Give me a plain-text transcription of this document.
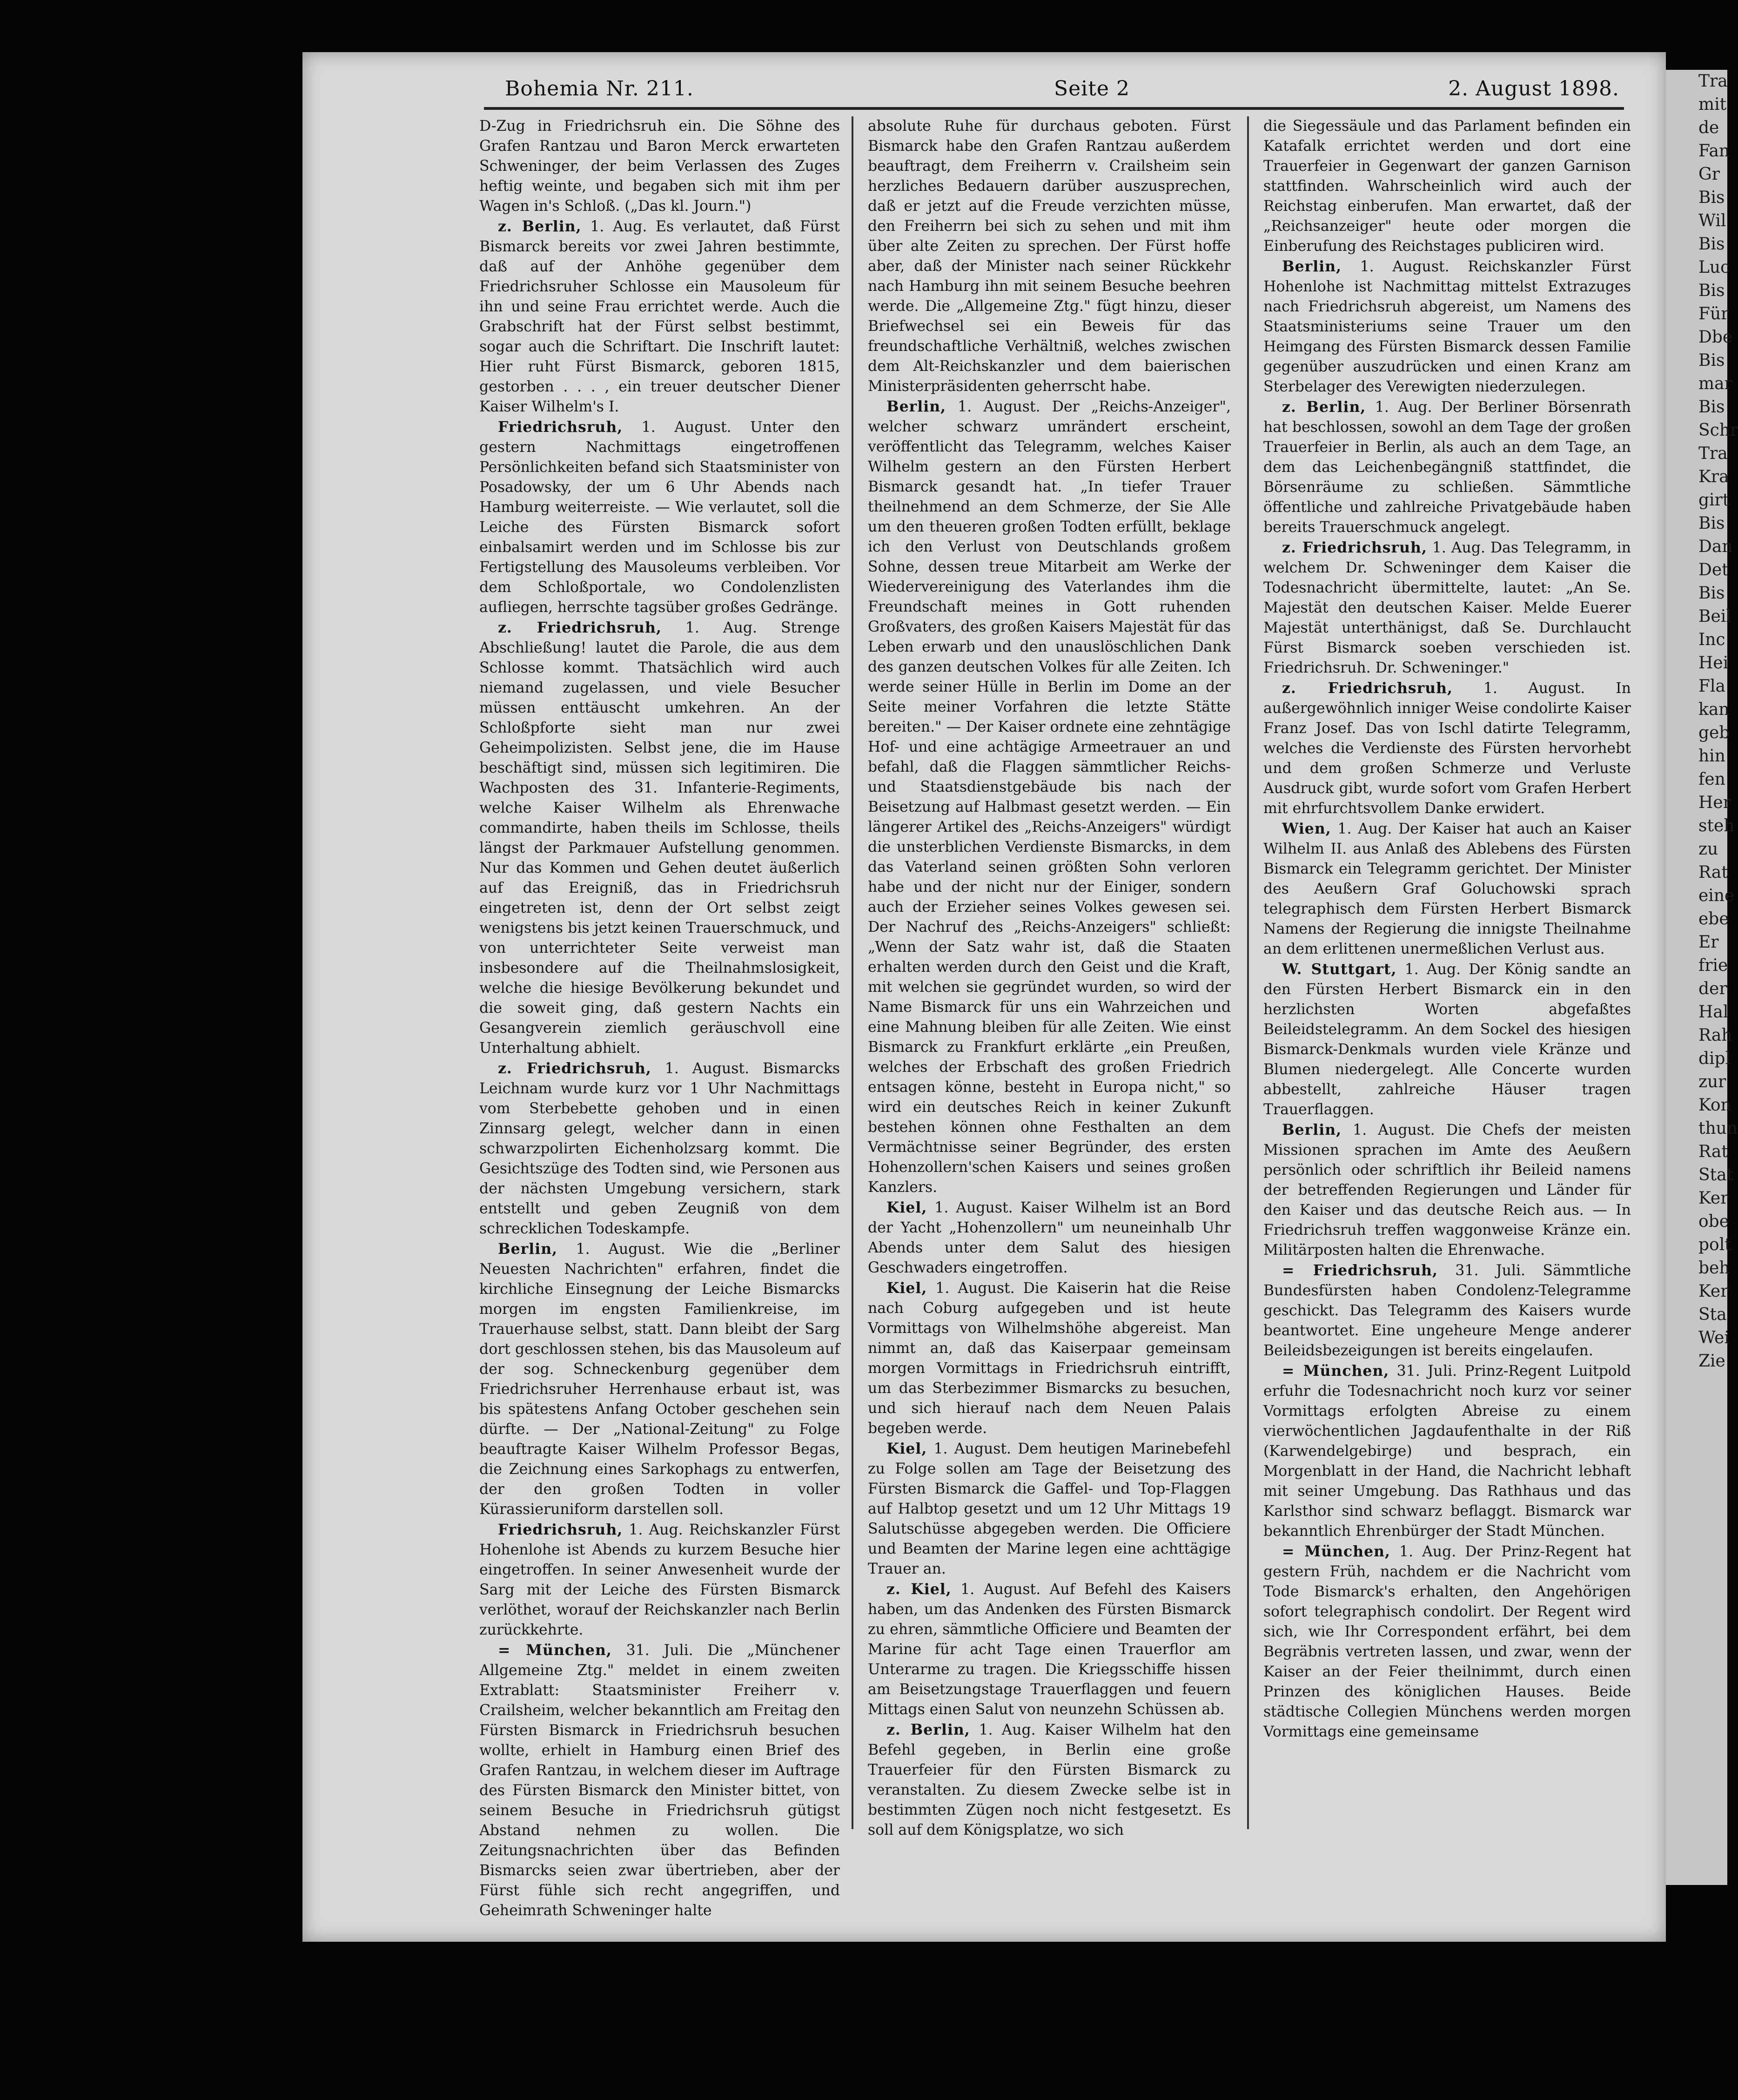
Tra
mit
de
Fan
Gr
Bis
Wil
Bis
Luc
Bis
Für
Dbe
Bis
mar
Bis
Schr
Tra
Kra
girt
Bis
Dan
Det
Bis
Beil
Inc
Hei
Fla
kan
geb
hin
fen
Her
steh
zu
Rat
eine
ebe
Er
frie
der
Hal
Rah
dipl
zur
Kon
thun
Rat
Stat
Ker
obe
polt
beh
Ker
Sta
Wei
Zie
Bohemia Nr. 211.	Seite 2	2. August 1898.

D-Zug in Friedrichsruh ein. Die Söhne des Grafen Rantzau und Baron Merck erwarteten Schweninger, der beim Verlassen des Zuges heftig weinte, und begaben sich mit ihm per Wagen in's Schloß. („Das kl. Journ.")

z. Berlin, 1. Aug. Es verlautet, daß Fürst Bismarck bereits vor zwei Jahren bestimmte, daß auf der Anhöhe gegenüber dem Friedrichsruher Schlosse ein Mausoleum für ihn und seine Frau errichtet werde. Auch die Grabschrift hat der Fürst selbst bestimmt, sogar auch die Schriftart. Die Inschrift lautet: Hier ruht Fürst Bismarck, geboren 1815, gestorben . . . , ein treuer deutscher Diener Kaiser Wilhelm's I.

Friedrichsruh, 1. August. Unter den gestern Nachmittags eingetroffenen Persönlichkeiten befand sich Staatsminister von Posadowsky, der um 6 Uhr Abends nach Hamburg weiterreiste. — Wie verlautet, soll die Leiche des Fürsten Bismarck sofort einbalsamirt werden und im Schlosse bis zur Fertigstellung des Mausoleums verbleiben. Vor dem Schloßportale, wo Condolenzlisten aufliegen, herrschte tagsüber großes Gedränge.

z. Friedrichsruh, 1. Aug. Strenge Abschließung! lautet die Parole, die aus dem Schlosse kommt. Thatsächlich wird auch niemand zugelassen, und viele Besucher müssen enttäuscht umkehren. An der Schloßpforte sieht man nur zwei Geheimpolizisten. Selbst jene, die im Hause beschäftigt sind, müssen sich legitimiren. Die Wachposten des 31. Infanterie-Regiments, welche Kaiser Wilhelm als Ehrenwache commandirte, haben theils im Schlosse, theils längst der Parkmauer Aufstellung genommen. Nur das Kommen und Gehen deutet äußerlich auf das Ereigniß, das in Friedrichsruh eingetreten ist, denn der Ort selbst zeigt wenigstens bis jetzt keinen Trauerschmuck, und von unterrichteter Seite verweist man insbesondere auf die Theilnahmslosigkeit, welche die hiesige Bevölkerung bekundet und die soweit ging, daß gestern Nachts ein Gesangverein ziemlich geräuschvoll eine Unterhaltung abhielt.

z. Friedrichsruh, 1. August. Bismarcks Leichnam wurde kurz vor 1 Uhr Nachmittags vom Sterbebette gehoben und in einen Zinnsarg gelegt, welcher dann in einen schwarzpolirten Eichenholzsarg kommt. Die Gesichtszüge des Todten sind, wie Personen aus der nächsten Umgebung versichern, stark entstellt und geben Zeugniß von dem schrecklichen Todeskampfe.

Berlin, 1. August. Wie die „Berliner Neuesten Nachrichten" erfahren, findet die kirchliche Einsegnung der Leiche Bismarcks morgen im engsten Familienkreise, im Trauerhause selbst, statt. Dann bleibt der Sarg dort geschlossen stehen, bis das Mausoleum auf der sog. Schneckenburg gegenüber dem Friedrichsruher Herrenhause erbaut ist, was bis spätestens Anfang October geschehen sein dürfte. — Der „National-Zeitung" zu Folge beauftragte Kaiser Wilhelm Professor Begas, die Zeichnung eines Sarkophags zu entwerfen, der den großen Todten in voller Kürassieruniform darstellen soll.

Friedrichsruh, 1. Aug. Reichskanzler Fürst Hohenlohe ist Abends zu kurzem Besuche hier eingetroffen. In seiner Anwesenheit wurde der Sarg mit der Leiche des Fürsten Bismarck verlöthet, worauf der Reichskanzler nach Berlin zurückkehrte.

= München, 31. Juli. Die „Münchener Allgemeine Ztg." meldet in einem zweiten Extrablatt: Staatsminister Freiherr v. Crailsheim, welcher bekanntlich am Freitag den Fürsten Bismarck in Friedrichsruh besuchen wollte, erhielt in Hamburg einen Brief des Grafen Rantzau, in welchem dieser im Auftrage des Fürsten Bismarck den Minister bittet, von seinem Besuche in Friedrichsruh gütigst Abstand nehmen zu wollen. Die Zeitungsnachrichten über das Befinden Bismarcks seien zwar übertrieben, aber der Fürst fühle sich recht angegriffen, und Geheimrath Schweninger halte

absolute Ruhe für durchaus geboten. Fürst Bismarck habe den Grafen Rantzau außerdem beauftragt, dem Freiherrn v. Crailsheim sein herzliches Bedauern darüber auszusprechen, daß er jetzt auf die Freude verzichten müsse, den Freiherrn bei sich zu sehen und mit ihm über alte Zeiten zu sprechen. Der Fürst hoffe aber, daß der Minister nach seiner Rückkehr nach Hamburg ihn mit seinem Besuche beehren werde. Die „Allgemeine Ztg." fügt hinzu, dieser Briefwechsel sei ein Beweis für das freundschaftliche Verhältniß, welches zwischen dem Alt-Reichskanzler und dem baierischen Ministerpräsidenten geherrscht habe.

Berlin, 1. August. Der „Reichs-Anzeiger", welcher schwarz umrändert erscheint, veröffentlicht das Telegramm, welches Kaiser Wilhelm gestern an den Fürsten Herbert Bismarck gesandt hat. „In tiefer Trauer theilnehmend an dem Schmerze, der Sie Alle um den theueren großen Todten erfüllt, beklage ich den Verlust von Deutschlands großem Sohne, dessen treue Mitarbeit am Werke der Wiedervereinigung des Vaterlandes ihm die Freundschaft meines in Gott ruhenden Großvaters, des großen Kaisers Majestät für das Leben erwarb und den unauslöschlichen Dank des ganzen deutschen Volkes für alle Zeiten. Ich werde seiner Hülle in Berlin im Dome an der Seite meiner Vorfahren die letzte Stätte bereiten." — Der Kaiser ordnete eine zehntägige Hof- und eine achtägige Armeetrauer an und befahl, daß die Flaggen sämmtlicher Reichs- und Staatsdienstgebäude bis nach der Beisetzung auf Halbmast gesetzt werden. — Ein längerer Artikel des „Reichs-Anzeigers" würdigt die unsterblichen Verdienste Bismarcks, in dem das Vaterland seinen größten Sohn verloren habe und der nicht nur der Einiger, sondern auch der Erzieher seines Volkes gewesen sei. Der Nachruf des „Reichs-Anzeigers" schließt: „Wenn der Satz wahr ist, daß die Staaten erhalten werden durch den Geist und die Kraft, mit welchen sie gegründet wurden, so wird der Name Bismarck für uns ein Wahrzeichen und eine Mahnung bleiben für alle Zeiten. Wie einst Bismarck zu Frankfurt erklärte „ein Preußen, welches der Erbschaft des großen Friedrich entsagen könne, besteht in Europa nicht," so wird ein deutsches Reich in keiner Zukunft bestehen können ohne Festhalten an dem Vermächtnisse seiner Begründer, des ersten Hohenzollern'schen Kaisers und seines großen Kanzlers.

Kiel, 1. August. Kaiser Wilhelm ist an Bord der Yacht „Hohenzollern" um neuneinhalb Uhr Abends unter dem Salut des hiesigen Geschwaders eingetroffen.

Kiel, 1. August. Die Kaiserin hat die Reise nach Coburg aufgegeben und ist heute Vormittags von Wilhelmshöhe abgereist. Man nimmt an, daß das Kaiserpaar gemeinsam morgen Vormittags in Friedrichsruh eintrifft, um das Sterbezimmer Bismarcks zu besuchen, und sich hierauf nach dem Neuen Palais begeben werde.

Kiel, 1. August. Dem heutigen Marinebefehl zu Folge sollen am Tage der Beisetzung des Fürsten Bismarck die Gaffel- und Top-Flaggen auf Halbtop gesetzt und um 12 Uhr Mittags 19 Salutschüsse abgegeben werden. Die Officiere und Beamten der Marine legen eine achttägige Trauer an.

z. Kiel, 1. August. Auf Befehl des Kaisers haben, um das Andenken des Fürsten Bismarck zu ehren, sämmtliche Officiere und Beamten der Marine für acht Tage einen Trauerflor am Unterarme zu tragen. Die Kriegsschiffe hissen am Beisetzungstage Trauerflaggen und feuern Mittags einen Salut von neunzehn Schüssen ab.

z. Berlin, 1. Aug. Kaiser Wilhelm hat den Befehl gegeben, in Berlin eine große Trauerfeier für den Fürsten Bismarck zu veranstalten. Zu diesem Zwecke selbe ist in bestimmten Zügen noch nicht festgesetzt. Es soll auf dem Königsplatze, wo sich

die Siegessäule und das Parlament befinden ein Katafalk errichtet werden und dort eine Trauerfeier in Gegenwart der ganzen Garnison stattfinden. Wahrscheinlich wird auch der Reichstag einberufen. Man erwartet, daß der „Reichsanzeiger" heute oder morgen die Einberufung des Reichstages publiciren wird.

Berlin, 1. August. Reichskanzler Fürst Hohenlohe ist Nachmittag mittelst Extrazuges nach Friedrichsruh abgereist, um Namens des Staatsministeriums seine Trauer um den Heimgang des Fürsten Bismarck dessen Familie gegenüber auszudrücken und einen Kranz am Sterbelager des Verewigten niederzulegen.

z. Berlin, 1. Aug. Der Berliner Börsenrath hat beschlossen, sowohl an dem Tage der großen Trauerfeier in Berlin, als auch an dem Tage, an dem das Leichenbegängniß stattfindet, die Börsenräume zu schließen. Sämmtliche öffentliche und zahlreiche Privatgebäude haben bereits Trauerschmuck angelegt.

z. Friedrichsruh, 1. Aug. Das Telegramm, in welchem Dr. Schweninger dem Kaiser die Todesnachricht übermittelte, lautet: „An Se. Majestät den deutschen Kaiser. Melde Euerer Majestät unterthänigst, daß Se. Durchlaucht Fürst Bismarck soeben verschieden ist. Friedrichsruh. Dr. Schweninger."

z. Friedrichsruh, 1. August. In außergewöhnlich inniger Weise condolirte Kaiser Franz Josef. Das von Ischl datirte Telegramm, welches die Verdienste des Fürsten hervorhebt und dem großen Schmerze und Verluste Ausdruck gibt, wurde sofort vom Grafen Herbert mit ehrfurchtsvollem Danke erwidert.

Wien, 1. Aug. Der Kaiser hat auch an Kaiser Wilhelm II. aus Anlaß des Ablebens des Fürsten Bismarck ein Telegramm gerichtet. Der Minister des Aeußern Graf Goluchowski sprach telegraphisch dem Fürsten Herbert Bismarck Namens der Regierung die innigste Theilnahme an dem erlittenen unermeßlichen Verlust aus.

W. Stuttgart, 1. Aug. Der König sandte an den Fürsten Herbert Bismarck ein in den herzlichsten Worten abgefaßtes Beileidstelegramm. An dem Sockel des hiesigen Bismarck-Denkmals wurden viele Kränze und Blumen niedergelegt. Alle Concerte wurden abbestellt, zahlreiche Häuser tragen Trauerflaggen.

Berlin, 1. August. Die Chefs der meisten Missionen sprachen im Amte des Aeußern persönlich oder schriftlich ihr Beileid namens der betreffenden Regierungen und Länder für den Kaiser und das deutsche Reich aus. — In Friedrichsruh treffen waggonweise Kränze ein. Militärposten halten die Ehrenwache.

= Friedrichsruh, 31. Juli. Sämmtliche Bundesfürsten haben Condolenz-Telegramme geschickt. Das Telegramm des Kaisers wurde beantwortet. Eine ungeheure Menge anderer Beileidsbezeigungen ist bereits eingelaufen.

= München, 31. Juli. Prinz-Regent Luitpold erfuhr die Todesnachricht noch kurz vor seiner Vormittags erfolgten Abreise zu einem vierwöchentlichen Jagdaufenthalte in der Riß (Karwendelgebirge) und besprach, ein Morgenblatt in der Hand, die Nachricht lebhaft mit seiner Umgebung. Das Rathhaus und das Karlsthor sind schwarz beflaggt. Bismarck war bekanntlich Ehrenbürger der Stadt München.

= München, 1. Aug. Der Prinz-Regent hat gestern Früh, nachdem er die Nachricht vom Tode Bismarck's erhalten, den Angehörigen sofort telegraphisch condolirt. Der Regent wird sich, wie Ihr Correspondent erfährt, bei dem Begräbnis vertreten lassen, und zwar, wenn der Kaiser an der Feier theilnimmt, durch einen Prinzen des königlichen Hauses. Beide städtische Collegien Münchens werden morgen Vormittags eine gemeinsame
